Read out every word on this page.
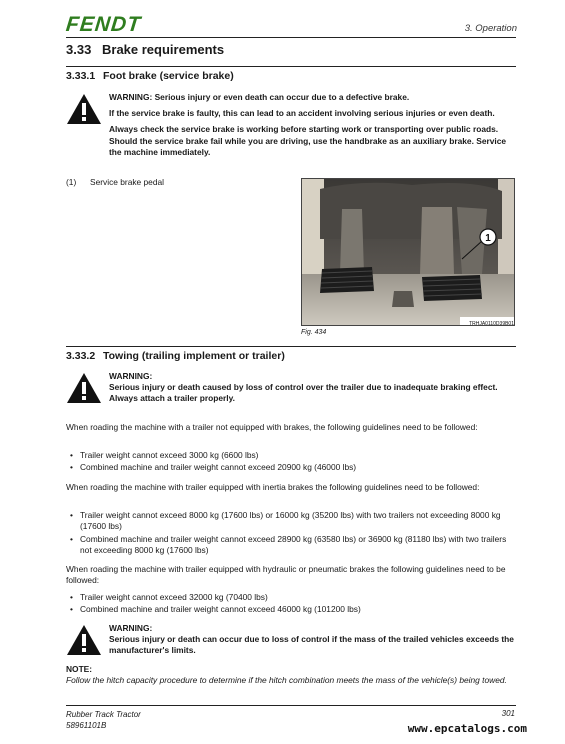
FENDT	3. Operation
3.33 Brake requirements
3.33.1 Foot brake (service brake)

WARNING: Serious injury or even death can occur due to a defective brake.

If the service brake is faulty, this can lead to an accident involving serious injuries or even death.

Always check the service brake is working before starting work or transporting over public roads. Should the service brake fail while you are driving, use the handbrake as an auxiliary brake. Service the machine immediately.

(1) Service brake pedal
1
TRHJA0110D39B01
Fig. 434
3.33.2 Towing (trailing implement or trailer)
WARNING:
Serious injury or death caused by loss of control over the trailer due to inadequate braking effect.
Always attach a trailer properly.
When roading the machine with a trailer not equipped with brakes, the following guidelines need to be followed:
• Trailer weight cannot exceed 3000 kg (6600 lbs)
• Combined machine and trailer weight cannot exceed 20900 kg (46000 lbs)
When roading the machine with trailer equipped with inertia brakes the following guidelines need to be followed:
• Trailer weight cannot exceed 8000 kg (17600 lbs) or 16000 kg (35200 lbs) with two trailers not exceeding 8000 kg (17600 lbs)
• Combined machine and trailer weight cannot exceed 28900 kg (63580 lbs) or 36900 kg (81180 lbs) with two trailers not exceeding 8000 kg (17600 lbs)
When roading the machine with trailer equipped with hydraulic or pneumatic brakes the following guidelines need to be followed:
• Trailer weight cannot exceed 32000 kg (70400 lbs)
• Combined machine and trailer weight cannot exceed 46000 kg (101200 lbs)
WARNING:
Serious injury or death can occur due to loss of control if the mass of the trailed vehicles exceeds the manufacturer's limits.
NOTE:
Follow the hitch capacity procedure to determine if the hitch combination meets the mass of the vehicle(s) being towed.
Rubber Track Tractor
58961101B
301
www.epcatalogs.com
